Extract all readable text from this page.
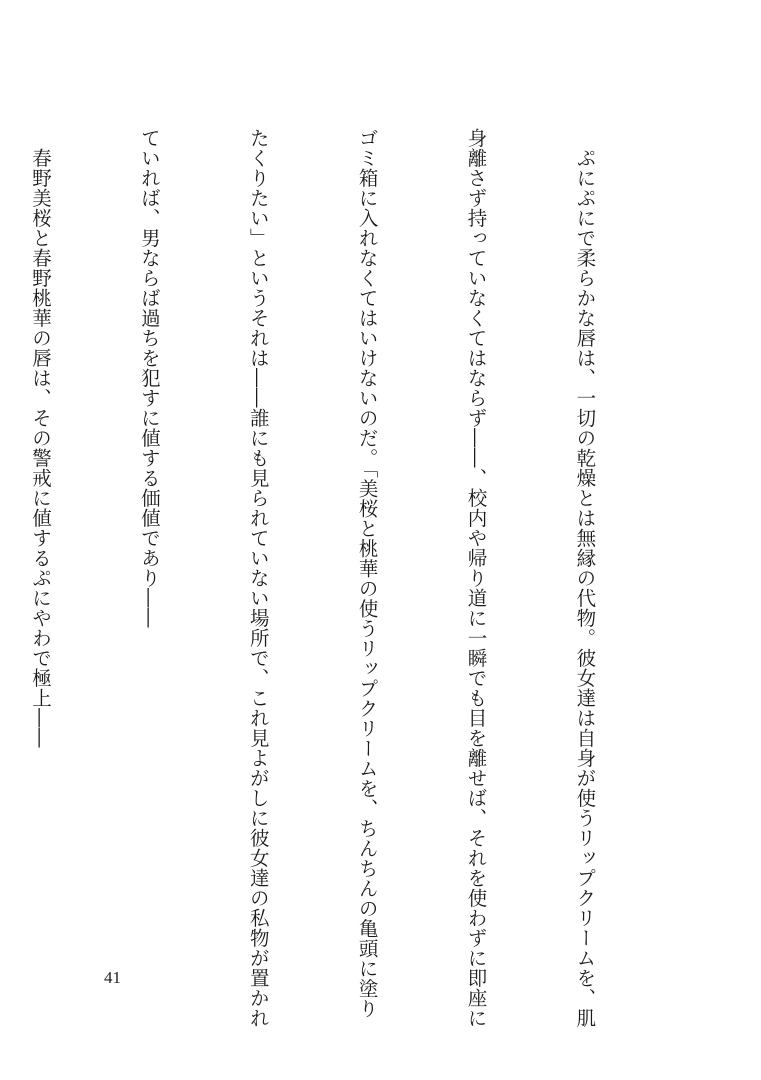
　ぷにぷにで柔らかな唇は、一切の乾燥とは無縁の代物。彼女達は自身が使うリップクリームを、肌

身離さず持っていなくてはならず――、校内や帰り道に一瞬でも目を離せば、それを使わずに即座に

ゴミ箱に入れなくてはいけないのだ。「美桜と桃華の使うリップクリームを、ちんちんの亀頭に塗り

たくりたい」というそれは――誰にも見られていない場所で、これ見よがしに彼女達の私物が置かれ

ていれば、男ならば過ちを犯すに値する価値であり――

　春野美桜と春野桃華の唇は、その警戒に値するぷにやわで極上――

41
